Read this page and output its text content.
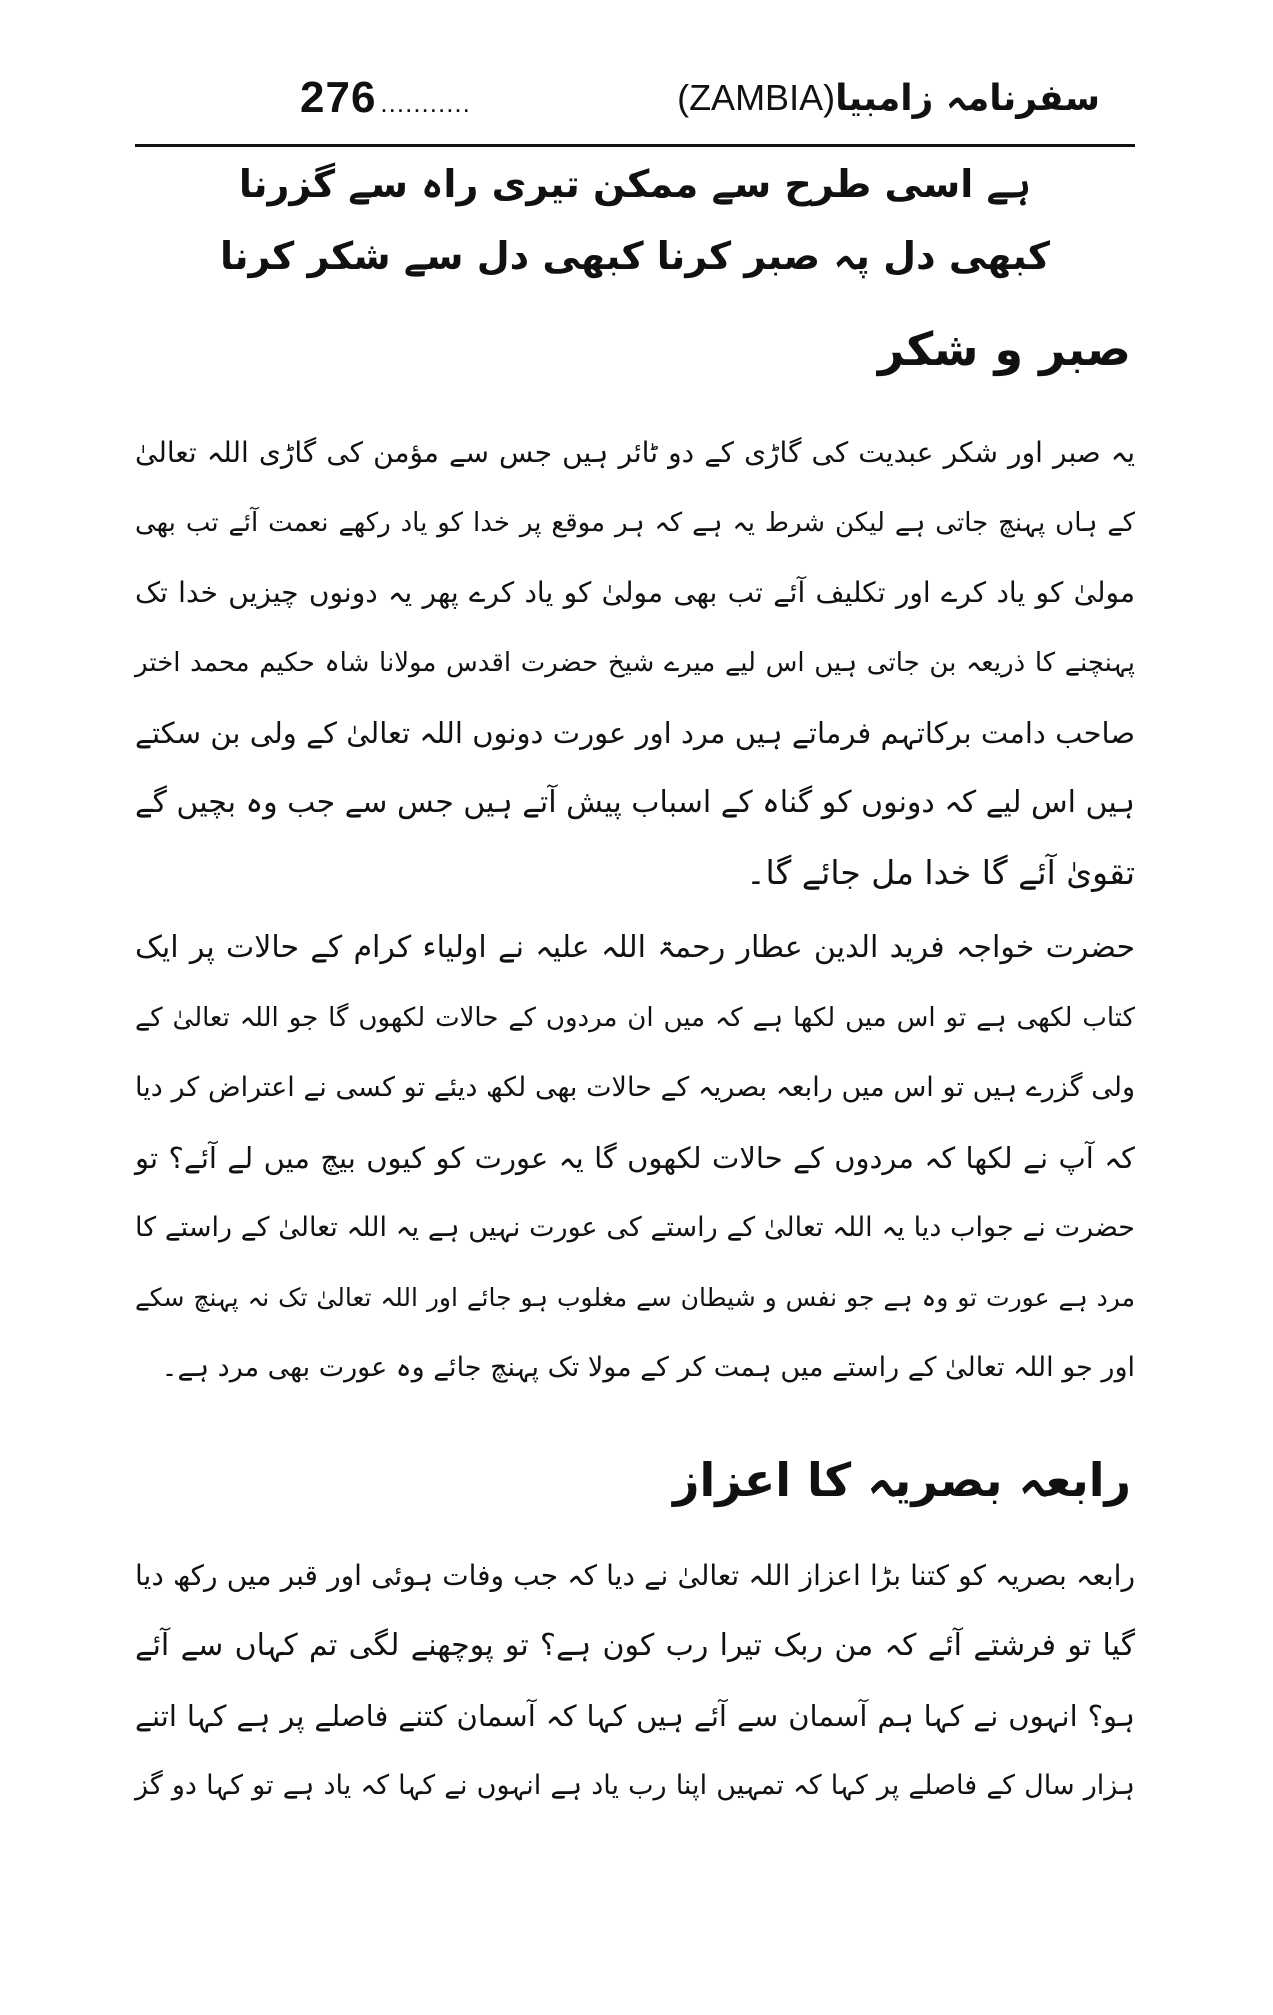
276 ...........	سفرنامہ زامبیا(ZAMBIA)
ہے اسی طرح سے ممکن تیری راہ سے گزرنا
کبھی دل پہ صبر کرنا کبھی دل سے شکر کرنا
صبر و شکر
یہ صبر اور شکر عبدیت کی گاڑی کے دو ٹائر ہیں جس سے مؤمن کی گاڑی اللہ تعالیٰ
کے ہاں پہنچ جاتی ہے لیکن شرط یہ ہے کہ ہر موقع پر خدا کو یاد رکھے نعمت آئے تب بھی
مولیٰ کو یاد کرے اور تکلیف آئے تب بھی مولیٰ کو یاد کرے پھر یہ دونوں چیزیں خدا تک
پہنچنے کا ذریعہ بن جاتی ہیں اس لیے میرے شیخ حضرت اقدس مولانا شاہ حکیم محمد اختر
صاحب دامت برکاتہم فرماتے ہیں مرد اور عورت دونوں اللہ تعالیٰ کے ولی بن سکتے
ہیں اس لیے کہ دونوں کو گناہ کے اسباب پیش آتے ہیں جس سے جب وہ بچیں گے
تقویٰ آئے گا خدا مل جائے گا۔
حضرت خواجہ فرید الدین عطار رحمۃ اللہ علیہ نے اولیاء کرام کے حالات پر ایک
کتاب لکھی ہے تو اس میں لکھا ہے کہ میں ان مردوں کے حالات لکھوں گا جو اللہ تعالیٰ کے
ولی گزرے ہیں تو اس میں رابعہ بصریہ کے حالات بھی لکھ دیئے تو کسی نے اعتراض کر دیا
کہ آپ نے لکھا کہ مردوں کے حالات لکھوں گا یہ عورت کو کیوں بیچ میں لے آئے؟ تو
حضرت نے جواب دیا یہ اللہ تعالیٰ کے راستے کی عورت نہیں ہے یہ اللہ تعالیٰ کے راستے کا
مرد ہے عورت تو وہ ہے جو نفس و شیطان سے مغلوب ہو جائے اور اللہ تعالیٰ تک نہ پہنچ سکے
اور جو اللہ تعالیٰ کے راستے میں ہمت کر کے مولا تک پہنچ جائے وہ عورت بھی مرد ہے۔
رابعہ بصریہ کا اعزاز
رابعہ بصریہ کو کتنا بڑا اعزاز اللہ تعالیٰ نے دیا کہ جب وفات ہوئی اور قبر میں رکھ دیا
گیا تو فرشتے آئے کہ من ربک تیرا رب کون ہے؟ تو پوچھنے لگی تم کہاں سے آئے
ہو؟ انہوں نے کہا ہم آسمان سے آئے ہیں کہا کہ آسمان کتنے فاصلے پر ہے کہا اتنے
ہزار سال کے فاصلے پر کہا کہ تمہیں اپنا رب یاد ہے انہوں نے کہا کہ یاد ہے تو کہا دو گز
